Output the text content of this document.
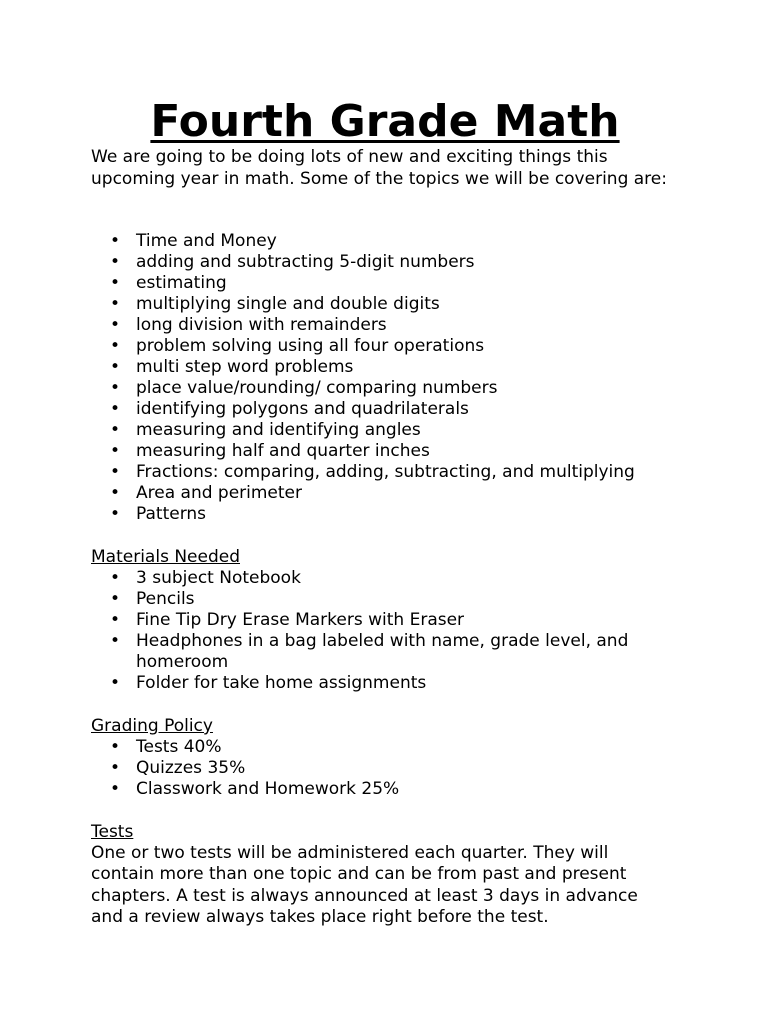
Fourth Grade Math

We are going to be doing lots of new and exciting things this upcoming year in math. Some of the topics we will be covering are:

• Time and Money
• adding and subtracting 5-digit numbers
• estimating
• multiplying single and double digits
• long division with remainders
• problem solving using all four operations
• multi step word problems
• place value/rounding/ comparing numbers
• identifying polygons and quadrilaterals
• measuring and identifying angles
• measuring half and quarter inches
• Fractions: comparing, adding, subtracting, and multiplying
• Area and perimeter
• Patterns
Materials Needed
• 3 subject Notebook
• Pencils
• Fine Tip Dry Erase Markers with Eraser
• Headphones in a bag labeled with name, grade level, and homeroom
• Folder for take home assignments
Grading Policy
• Tests 40%
• Quizzes 35%
• Classwork and Homework 25%
Tests

One or two tests will be administered each quarter. They will contain more than one topic and can be from past and present chapters. A test is always announced at least 3 days in advance and a review always takes place right before the test.
